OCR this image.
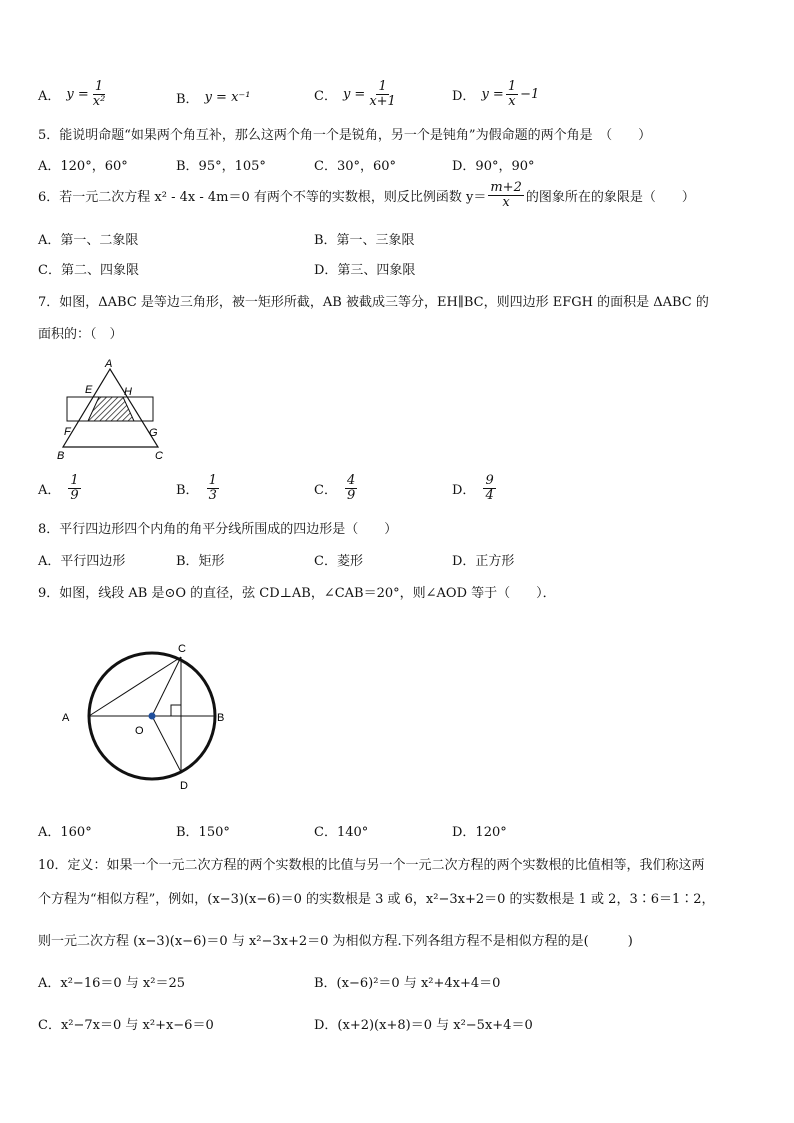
A． $y = \frac{1}{\text{x²}}$	B． y = x⁻¹	C． $y = \frac{1}{x+1}$	D． $y = \frac{1}{x} -1$
5．能说明命题“如果两个角互补，那么这两个角一个是锐角，另一个是钝角”为假命题的两个角是　（　　）
A．120°，60°	B．95°，105°	C．30°，60°	D．90°，90°
6．若一元二次方程 x² - 4x - 4m＝0 有两个不等的实数根，则反比例函数 $y= \frac{m+2}{x}$ 的图象所在的象限是（　　）
A．第一、二象限	B．第一、三象限
C．第二、四象限	D．第三、四象限
7．如图，ΔABC 是等边三角形，被一矩形所截，AB 被截成三等分，EH∥BC，则四边形 EFGH 的面积是 ΔABC 的
面积的：（　）
A
E	H
F	G
B	C
A． $\frac{1}{9}$	B． $\frac{1}{3}$	C． $\frac{4}{9}$	D． $\frac{9}{4}$
8．平行四边形四个内角的角平分线所围成的四边形是（　　）
A．平行四边形	B．矩形	C．菱形	D．正方形
9．如图，线段 AB 是⊙O 的直径，弦 CD⊥AB，∠CAB＝20°，则∠AOD 等于（　　）．
A	B
C
D
O
A．160°	B．150°	C．140°	D．120°
10．定义：如果一个一元二次方程的两个实数根的比值与另一个一元二次方程的两个实数根的比值相等，我们称这两
个方程为“相似方程”，例如，(x−3)(x−6)＝0 的实数根是 3 或 6，x²−3x+2＝0 的实数根是 1 或 2，3∶6＝1∶2，
则一元二次方程 (x−3)(x−6)＝0 与 x²−3x+2＝0 为相似方程.下列各组方程不是相似方程的是(　　　)
A．x²−16＝0 与 x²＝25	B．(x−6)²＝0 与 x²+4x+4＝0
C．x²−7x＝0 与 x²+x−6＝0	D．(x+2)(x+8)＝0 与 x²−5x+4＝0
